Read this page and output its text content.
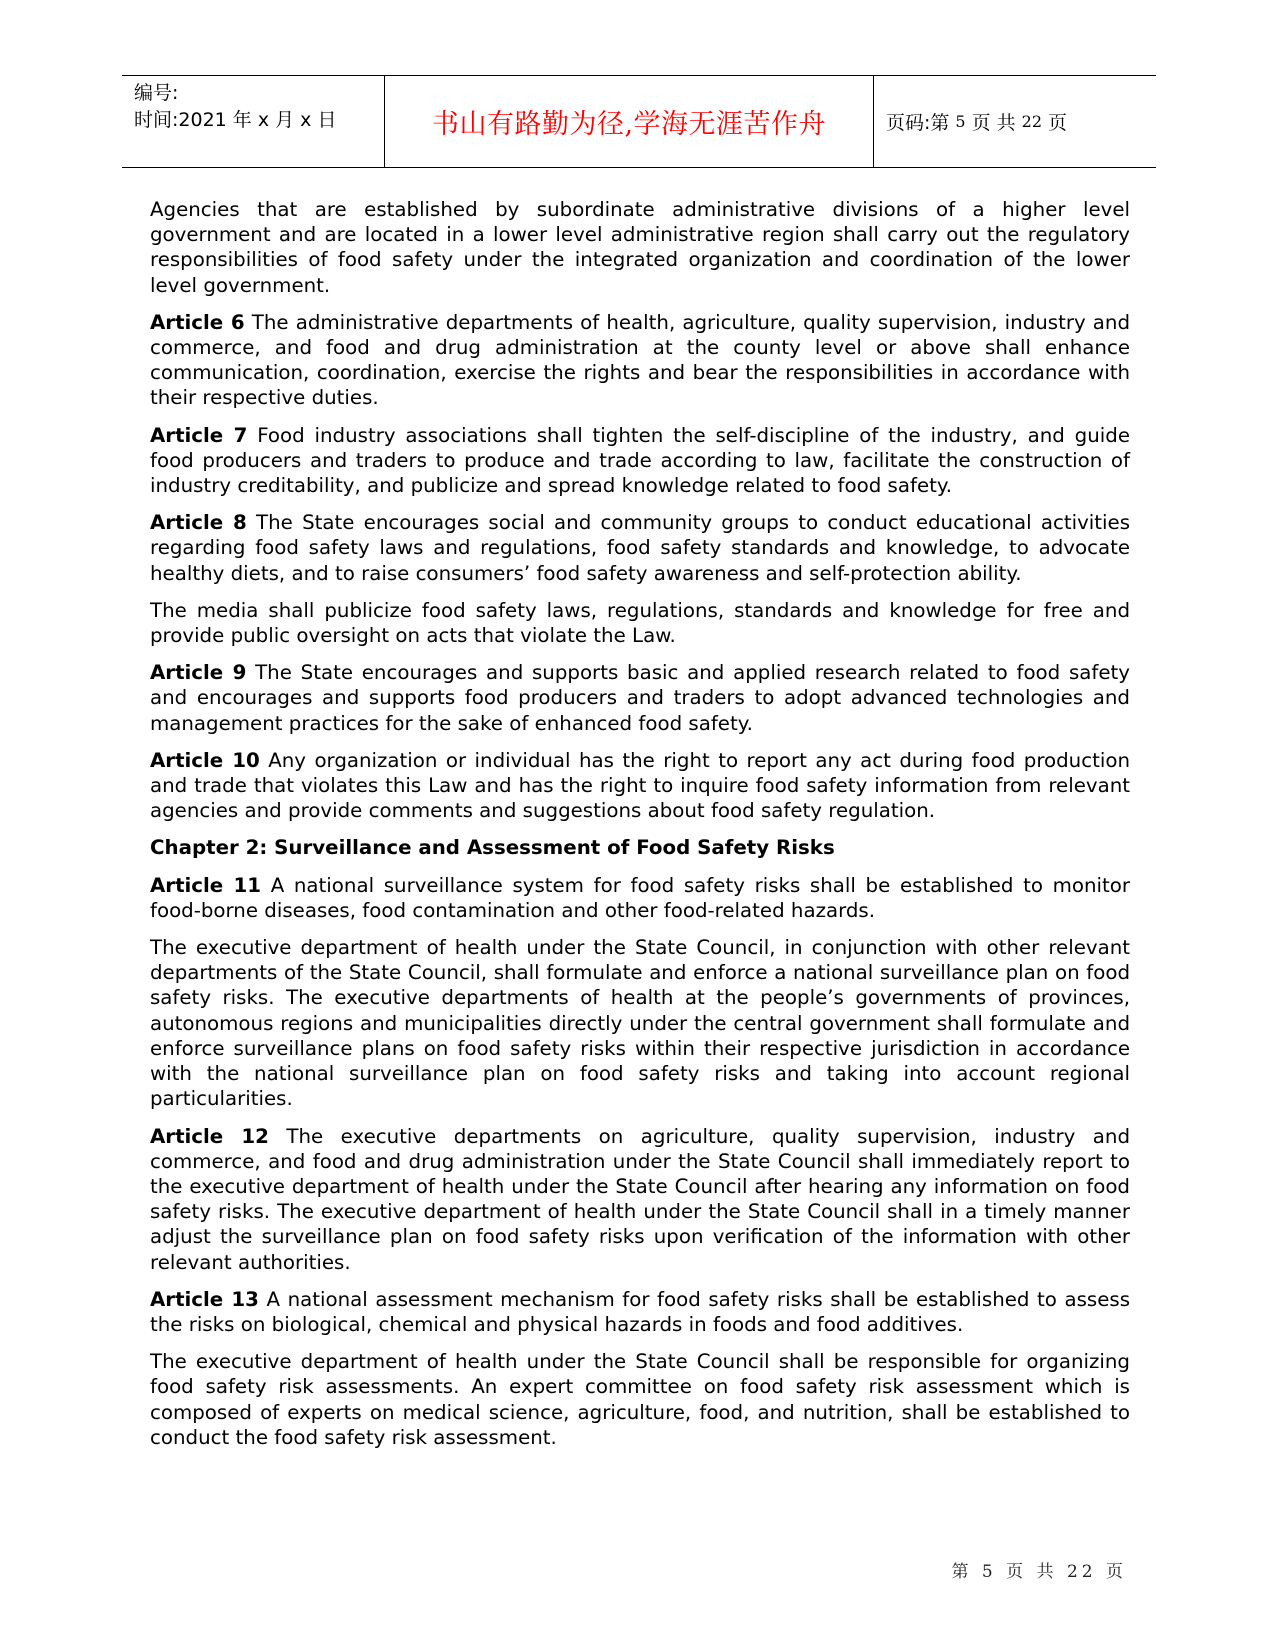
编号:
时间:2021 年 x 月 x 日	书山有路勤为径,学海无涯苦作舟	页码:第 5 页 共 22 页

Agencies that are established by subordinate administrative divisions of a higher level government and are located in a lower level administrative region shall carry out the regulatory responsibilities of food safety under the integrated organization and coordination of the lower level government.

Article 6 The administrative departments of health, agriculture, quality supervision, industry and commerce, and food and drug administration at the county level or above shall enhance communication, coordination, exercise the rights and bear the responsibilities in accordance with their respective duties.

Article 7 Food industry associations shall tighten the self-discipline of the industry, and guide food producers and traders to produce and trade according to law, facilitate the construction of industry creditability, and publicize and spread knowledge related to food safety.

Article 8 The State encourages social and community groups to conduct educational activities regarding food safety laws and regulations, food safety standards and knowledge, to advocate healthy diets, and to raise consumers’ food safety awareness and self-protection ability.

The media shall publicize food safety laws, regulations, standards and knowledge for free and provide public oversight on acts that violate the Law.

Article 9 The State encourages and supports basic and applied research related to food safety and encourages and supports food producers and traders to adopt advanced technologies and management practices for the sake of enhanced food safety.

Article 10 Any organization or individual has the right to report any act during food production and trade that violates this Law and has the right to inquire food safety information from relevant agencies and provide comments and suggestions about food safety regulation.

Chapter 2: Surveillance and Assessment of Food Safety Risks

Article 11 A national surveillance system for food safety risks shall be established to monitor food-borne diseases, food contamination and other food-related hazards.

The executive department of health under the State Council, in conjunction with other relevant departments of the State Council, shall formulate and enforce a national surveillance plan on food safety risks. The executive departments of health at the people’s governments of provinces, autonomous regions and municipalities directly under the central government shall formulate and enforce surveillance plans on food safety risks within their respective jurisdiction in accordance with the national surveillance plan on food safety risks and taking into account regional particularities.

Article 12 The executive departments on agriculture, quality supervision, industry and commerce, and food and drug administration under the State Council shall immediately report to the executive department of health under the State Council after hearing any information on food safety risks. The executive department of health under the State Council shall in a timely manner adjust the surveillance plan on food safety risks upon verification of the information with other relevant authorities.

Article 13 A national assessment mechanism for food safety risks shall be established to assess the risks on biological, chemical and physical hazards in foods and food additives.

The executive department of health under the State Council shall be responsible for organizing food safety risk assessments. An expert committee on food safety risk assessment which is composed of experts on medical science, agriculture, food, and nutrition, shall be established to conduct the food safety risk assessment.

第 5 页 共 22 页
